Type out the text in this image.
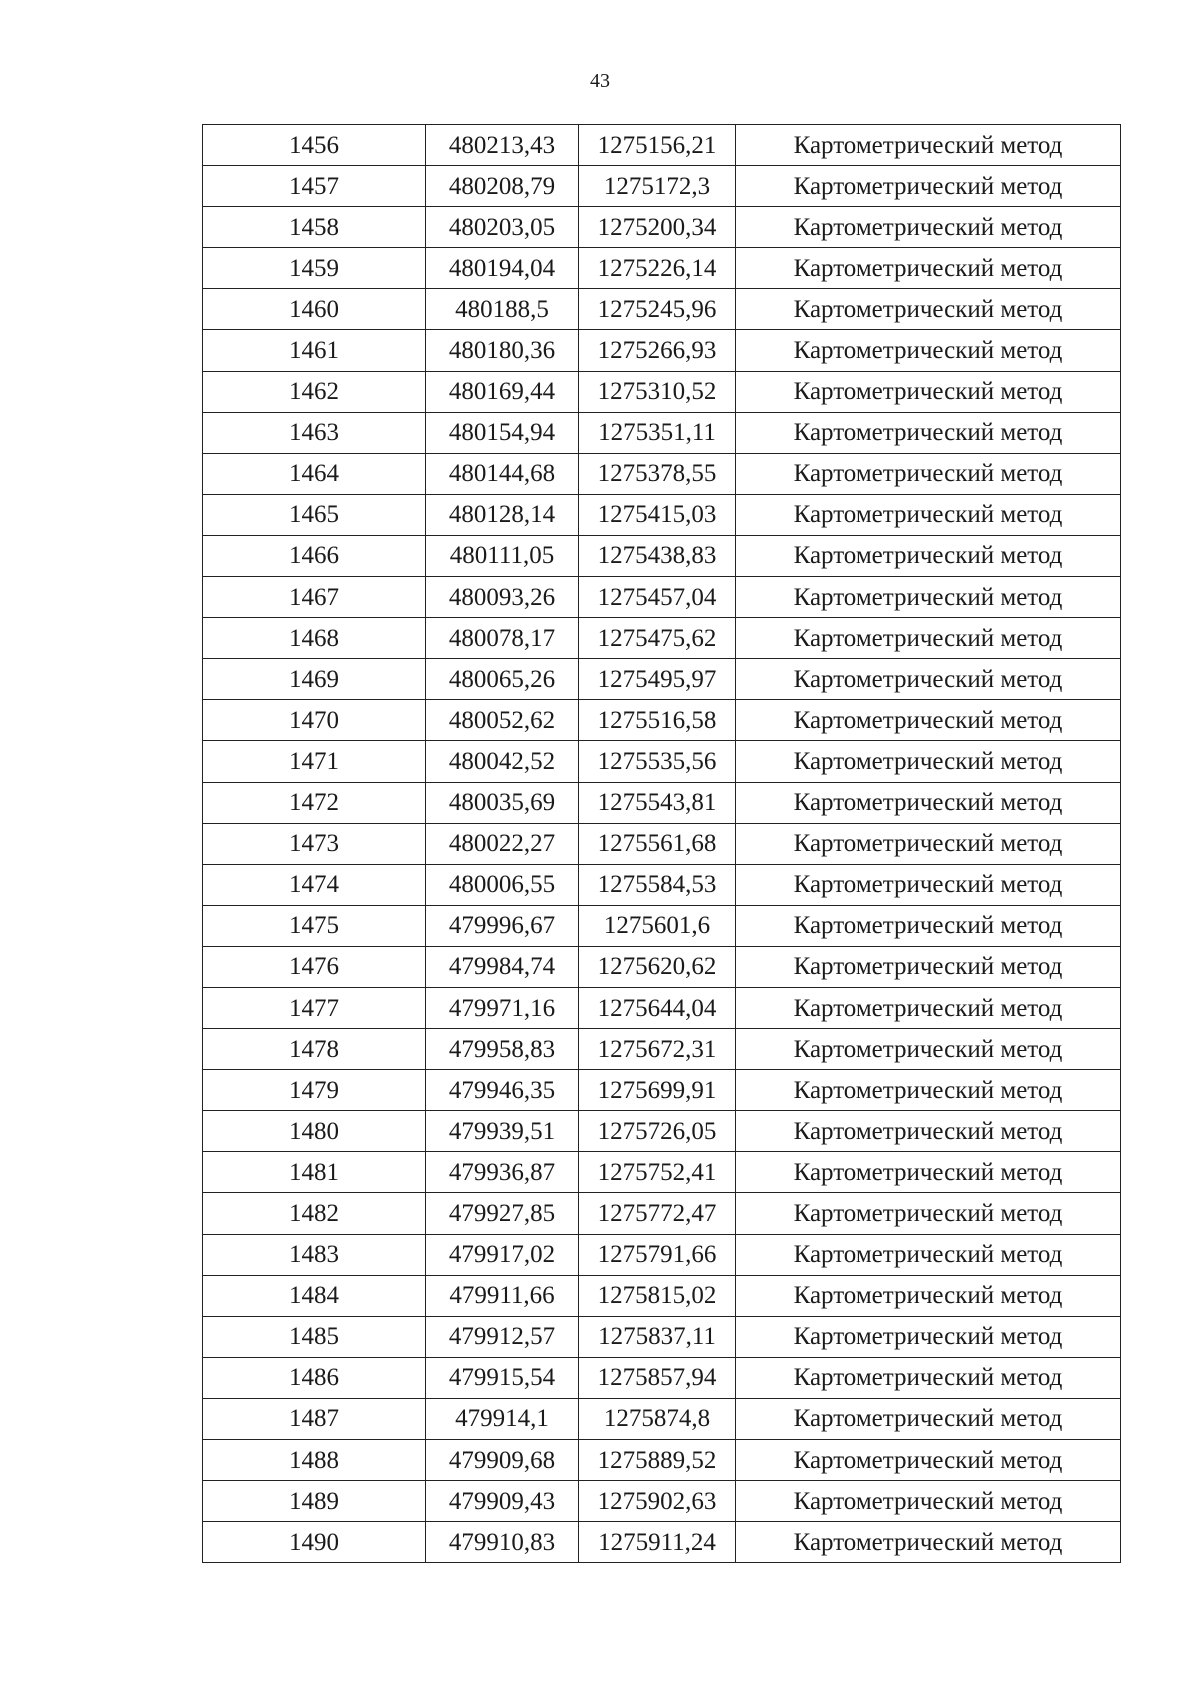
43
1456	480213,43	1275156,21	Картометрический метод
1457	480208,79	1275172,3	Картометрический метод
1458	480203,05	1275200,34	Картометрический метод
1459	480194,04	1275226,14	Картометрический метод
1460	480188,5	1275245,96	Картометрический метод
1461	480180,36	1275266,93	Картометрический метод
1462	480169,44	1275310,52	Картометрический метод
1463	480154,94	1275351,11	Картометрический метод
1464	480144,68	1275378,55	Картометрический метод
1465	480128,14	1275415,03	Картометрический метод
1466	480111,05	1275438,83	Картометрический метод
1467	480093,26	1275457,04	Картометрический метод
1468	480078,17	1275475,62	Картометрический метод
1469	480065,26	1275495,97	Картометрический метод
1470	480052,62	1275516,58	Картометрический метод
1471	480042,52	1275535,56	Картометрический метод
1472	480035,69	1275543,81	Картометрический метод
1473	480022,27	1275561,68	Картометрический метод
1474	480006,55	1275584,53	Картометрический метод
1475	479996,67	1275601,6	Картометрический метод
1476	479984,74	1275620,62	Картометрический метод
1477	479971,16	1275644,04	Картометрический метод
1478	479958,83	1275672,31	Картометрический метод
1479	479946,35	1275699,91	Картометрический метод
1480	479939,51	1275726,05	Картометрический метод
1481	479936,87	1275752,41	Картометрический метод
1482	479927,85	1275772,47	Картометрический метод
1483	479917,02	1275791,66	Картометрический метод
1484	479911,66	1275815,02	Картометрический метод
1485	479912,57	1275837,11	Картометрический метод
1486	479915,54	1275857,94	Картометрический метод
1487	479914,1	1275874,8	Картометрический метод
1488	479909,68	1275889,52	Картометрический метод
1489	479909,43	1275902,63	Картометрический метод
1490	479910,83	1275911,24	Картометрический метод
